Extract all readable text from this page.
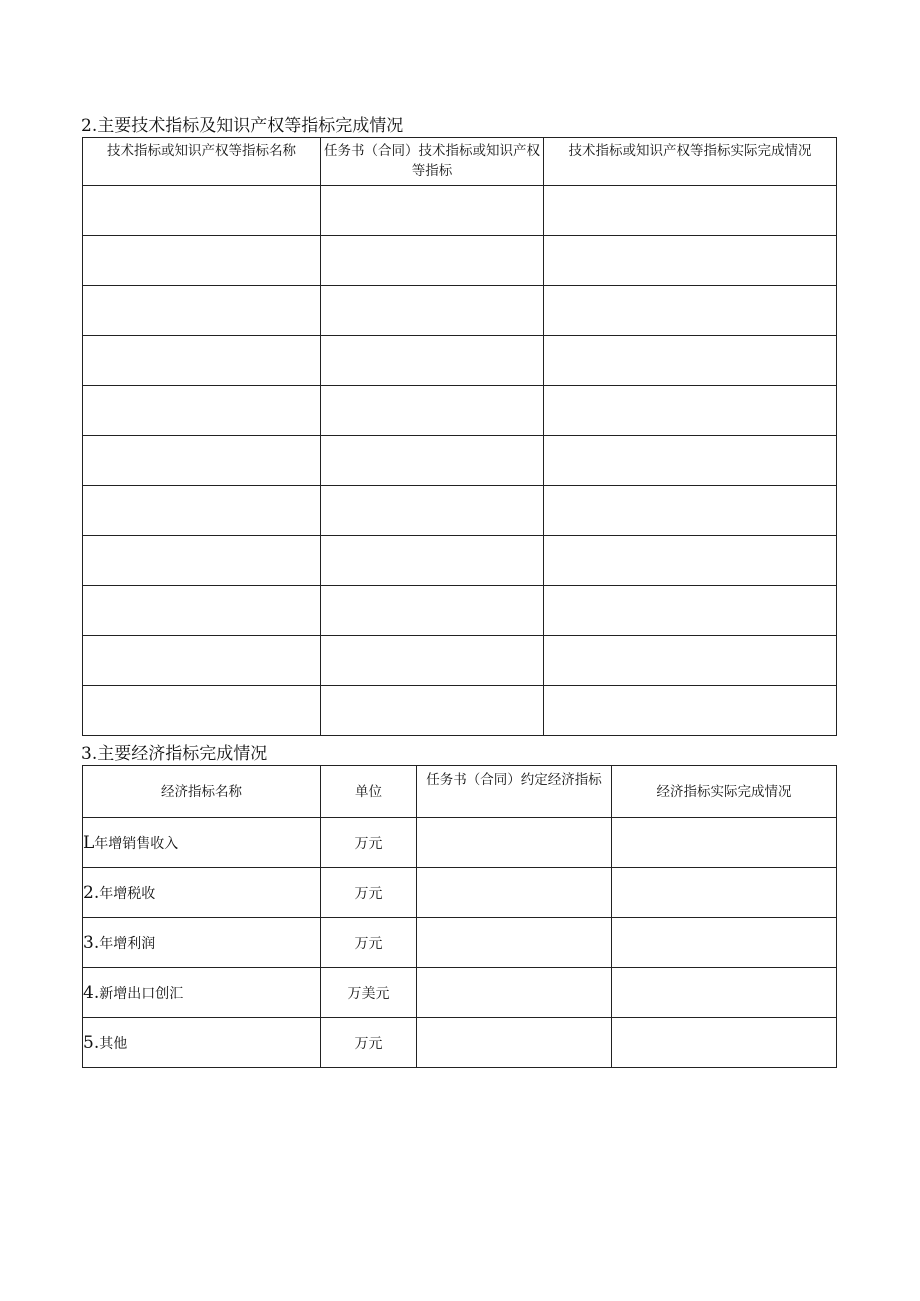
2.主要技术指标及知识产权等指标完成情况
技术指标或知识产权等指标名称	任务书（合同）技术指标或知识产权等指标	技术指标或知识产权等指标实际完成情况

3.主要经济指标完成情况
经济指标名称	单位	任务书（合同）约定经济指标	经济指标实际完成情况
L年增销售收入	万元		
2.年增税收	万元		
3.年增利润	万元		
4.新增出口创汇	万美元		
5.其他	万元		
